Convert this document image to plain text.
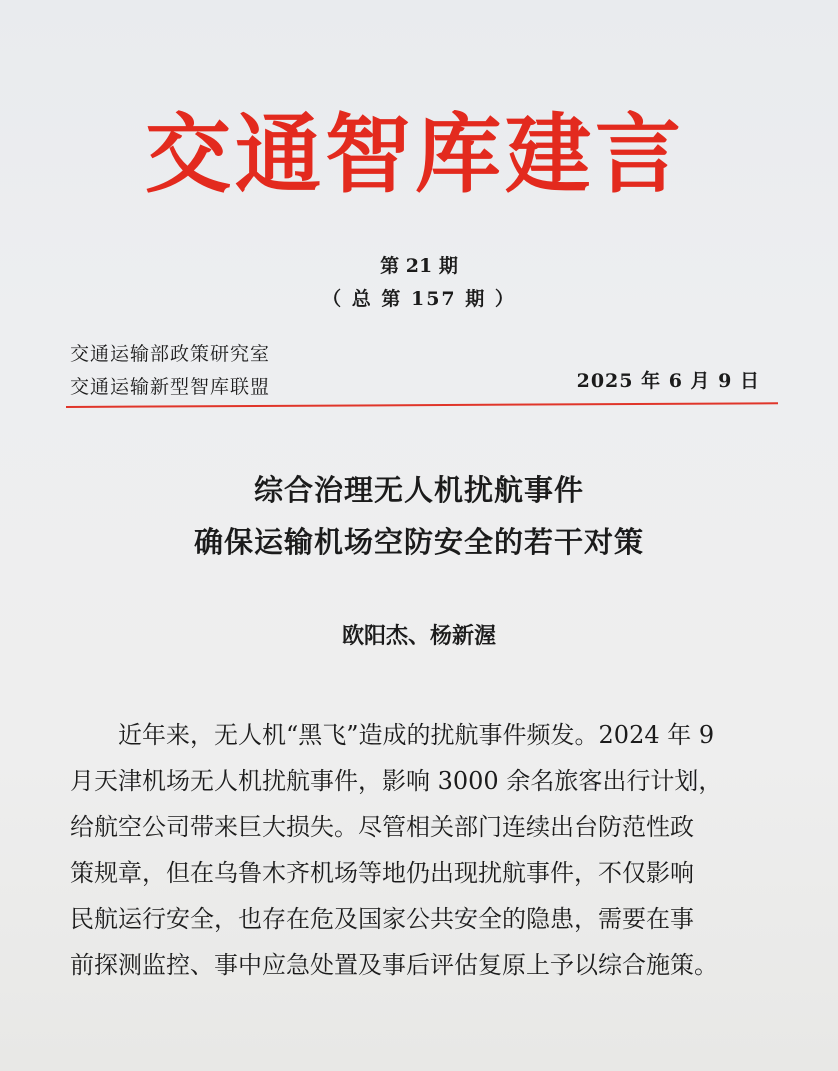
交通智库建言
第 21 期
（ 总 第 157 期 ）
交通运输部政策研究室
交通运输新型智库联盟	2025 年 6 月 9 日
综合治理无人机扰航事件
确保运输机场空防安全的若干对策
欧阳杰、杨新渥
近年来，无人机“黑飞”造成的扰航事件频发。2024 年 9
月天津机场无人机扰航事件，影响 3000 余名旅客出行计划，
给航空公司带来巨大损失。尽管相关部门连续出台防范性政
策规章，但在乌鲁木齐机场等地仍出现扰航事件，不仅影响
民航运行安全，也存在危及国家公共安全的隐患，需要在事
前探测监控、事中应急处置及事后评估复原上予以综合施策。
